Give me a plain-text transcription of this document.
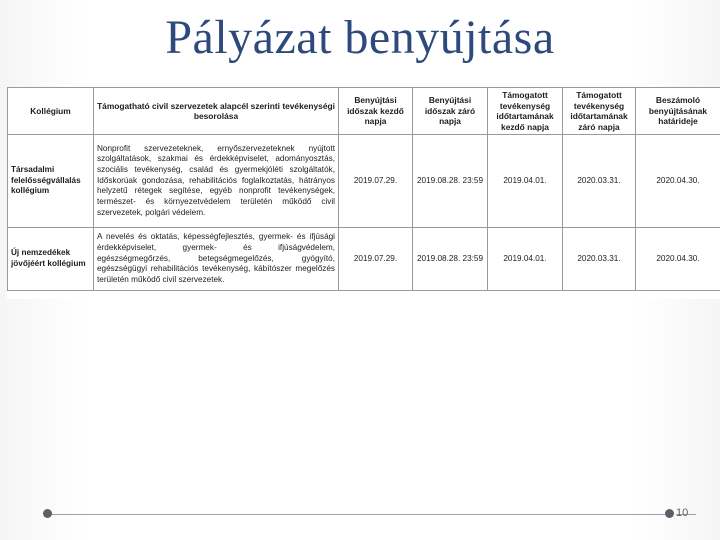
Pályázat benyújtása
Kollégium	Támogatható civil szervezetek alapcél szerinti tevékenységi besorolása	Benyújtási időszak kezdő napja	Benyújtási időszak záró napja	Támogatott tevékenység időtartamának kezdő napja	Támogatott tevékenység időtartamának záró napja	Beszámoló benyújtásának határideje
Társadalmi felelősségvállalás kollégium	Nonprofit szervezeteknek, ernyőszervezeteknek nyújtott szolgáltatások, szakmai és érdekképviselet, adományosztás, szociális tevékenység, család és gyermekjóléti szolgáltatók, Időskorúak gondozása, rehabilitációs foglalkoztatás, hátrányos helyzetű rétegek segítése, egyéb nonprofit tevékenységek, természet- és környezetvédelem területén működő civil szervezetek, polgári védelem.	2019.07.29.	2019.08.28. 23:59	2019.04.01.	2020.03.31.	2020.04.30.
Új nemzedékek jövőjéért kollégium	A nevelés és oktatás, képességfejlesztés, gyermek- és ifjúsági érdekképviselet, gyermek- és ifjúságvédelem, egészségmegőrzés, betegségmegelőzés, gyógyító, egészségügyi rehabilitációs tevékenység, kábítószer megelőzés területén működő civil szervezetek.	2019.07.29.	2019.08.28. 23:59	2019.04.01.	2020.03.31.	2020.04.30.
10
